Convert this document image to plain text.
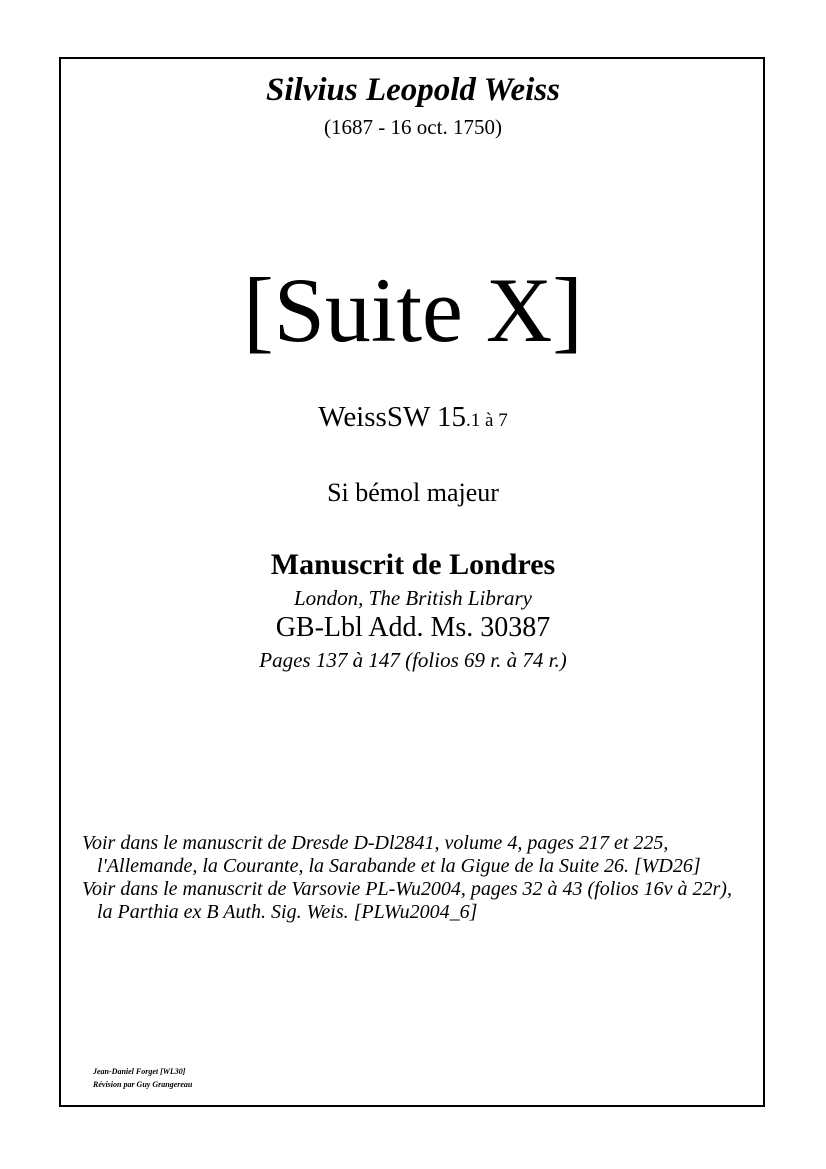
Silvius Leopold Weiss
(1687 - 16 oct. 1750)
[Suite X]
WeissSW 15.1 à 7
Si bémol majeur
Manuscrit de Londres
London, The British Library
GB-Lbl Add. Ms. 30387
Pages 137 à 147 (folios 69 r. à 74 r.)

Voir dans le manuscrit de Dresde D-Dl2841, volume 4, pages 217 et 225, l'Allemande, la Courante, la Sarabande et la Gigue de la Suite 26. [WD26]

Voir dans le manuscrit de Varsovie PL-Wu2004, pages 32 à 43 (folios 16v à 22r), la Parthia ex B Auth. Sig. Weis. [PLWu2004_6]

Jean-Daniel Forget [WL30]
Révision par Guy Grangereau
